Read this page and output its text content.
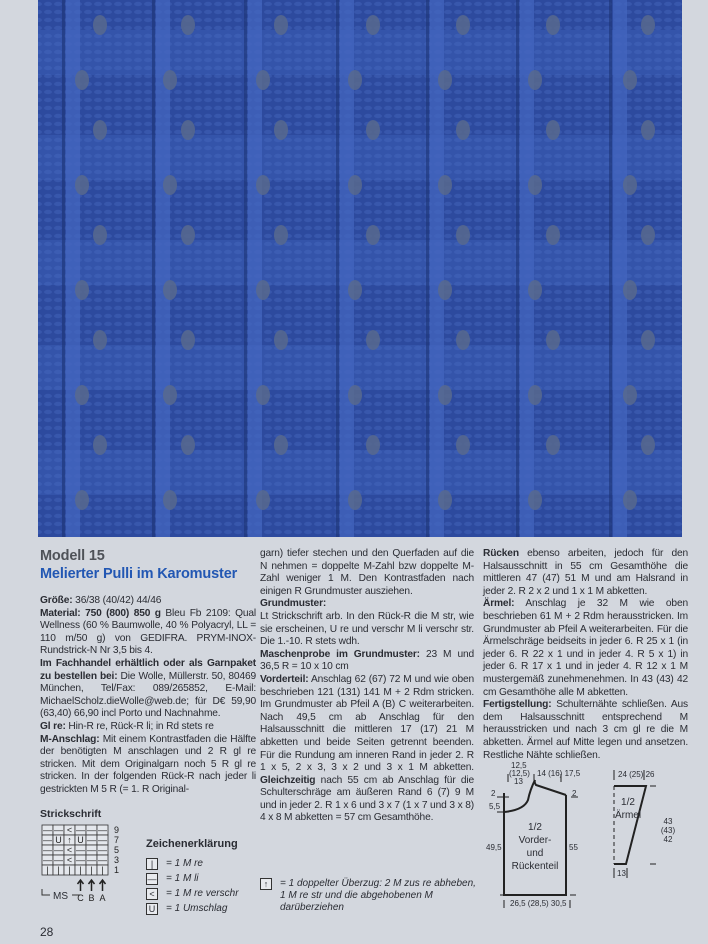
Modell 15
Melierter Pulli im Karomuster

Größe: 36/38 (40/42) 44/46

Material: 750 (800) 850 g Bleu Fb 2109: Qual Wellness (60 % Baumwolle, 40 % Polyacryl, LL = 110 m/50 g) von GEDIFRA. PRYM-INOX-Rundstrick-N Nr 3,5 bis 4.

Im Fachhandel erhältlich oder als Garnpaket zu bestellen bei: Die Wolle, Müllerstr. 50, 80469 München, Tel/Fax: 089/265852, E-Mail: MichaelScholz.dieWolle@web.de; für D€ 59,90 (63,40) 66,90 incl Porto und Nachnahme.

Gl re: Hin-R re, Rück-R li; in Rd stets re

M-Anschlag: Mit einem Kontrastfaden die Hälfte der benötigten M anschlagen und 2 R gl re stricken. Mit dem Originalgarn noch 5 R gl re stricken. In der folgenden Rück-R nach jeder li gestrickten M 5 R (= 1. R Original-

garn) tiefer stechen und den Querfaden auf die N nehmen = doppelte M-Zahl bzw doppelte M-Zahl weniger 1 M. Den Kontrastfaden nach einigen R Grundmuster ausziehen.

Grundmuster:

Lt Strickschrift arb. In den Rück-R die M str, wie sie erscheinen, U re und verschr M li verschr str. Die 1.-10. R stets wdh.

Maschenprobe im Grundmuster: 23 M und 36,5 R = 10 x 10 cm

Vorderteil: Anschlag 62 (67) 72 M und wie oben beschrieben 121 (131) 141 M + 2 Rdm stricken. Im Grundmuster ab Pfeil A (B) C weiterarbeiten. Nach 49,5 cm ab Anschlag für den Halsausschnitt die mittleren 17 (17) 21 M abketten und beide Seiten getrennt beenden. Für die Rundung am inneren Rand in jeder 2. R 1 x 5, 2 x 3, 3 x 2 und 3 x 1 M abketten. Gleichzeitig nach 55 cm ab Anschlag für die Schulterschräge am äußeren Rand 6 (7) 9 M und in jeder 2. R 1 x 6 und 3 x 7 (1 x 7 und 3 x 8) 4 x 8 M abketten = 57 cm Gesamthöhe.

Rücken ebenso arbeiten, jedoch für den Halsausschnitt in 55 cm Gesamthöhe die mittleren 47 (47) 51 M und am Halsrand in jeder 2. R 2 x 2 und 1 x 1 M abketten.

Ärmel: Anschlag je 32 M wie oben beschrieben 61 M + 2 Rdm herausstricken. Im Grundmuster ab Pfeil A weiterarbeiten. Für die Ärmelschräge beidseits in jeder 6. R 25 x 1 (in jeder 6. R 22 x 1 und in jeder 4. R 5 x 1) in jeder 6. R 17 x 1 und in jeder 4. R 12 x 1 M mustergemäß zunehmenehmen. In 43 (43) 42 cm Gesamthöhe alle M abketten.

Fertigstellung: Schulternähte schließen. Aus dem Halsausschnitt entsprechend M herausstricken und nach 3 cm gl re die M abketten. Ärmel auf Mitte legen und ansetzen. Restliche Nähte schließen.

Strickschrift
— — < — — — 9
— U ↑ U — — 7
— — < — — — 5
— — < — — — 3
| | | | | | 1
MS C B A
Zeichenerklärung
|	= 1 M re
— = 1 M li
<	= 1 M re verschr
U = 1 Umschlag
↑ = 1 doppelter Überzug: 2 M zus re abheben, 1 M re str und die abgehobenen M darüberziehen
12,5
(12,5)
13
14 (16) 17,5
2
5,5
2
49,5	55
26,5 (28,5) 30,5
1/2
Vorder-
und
Rückenteil
24 (25) 26
1/2
Ärmel
43
(43)
42
13
28
